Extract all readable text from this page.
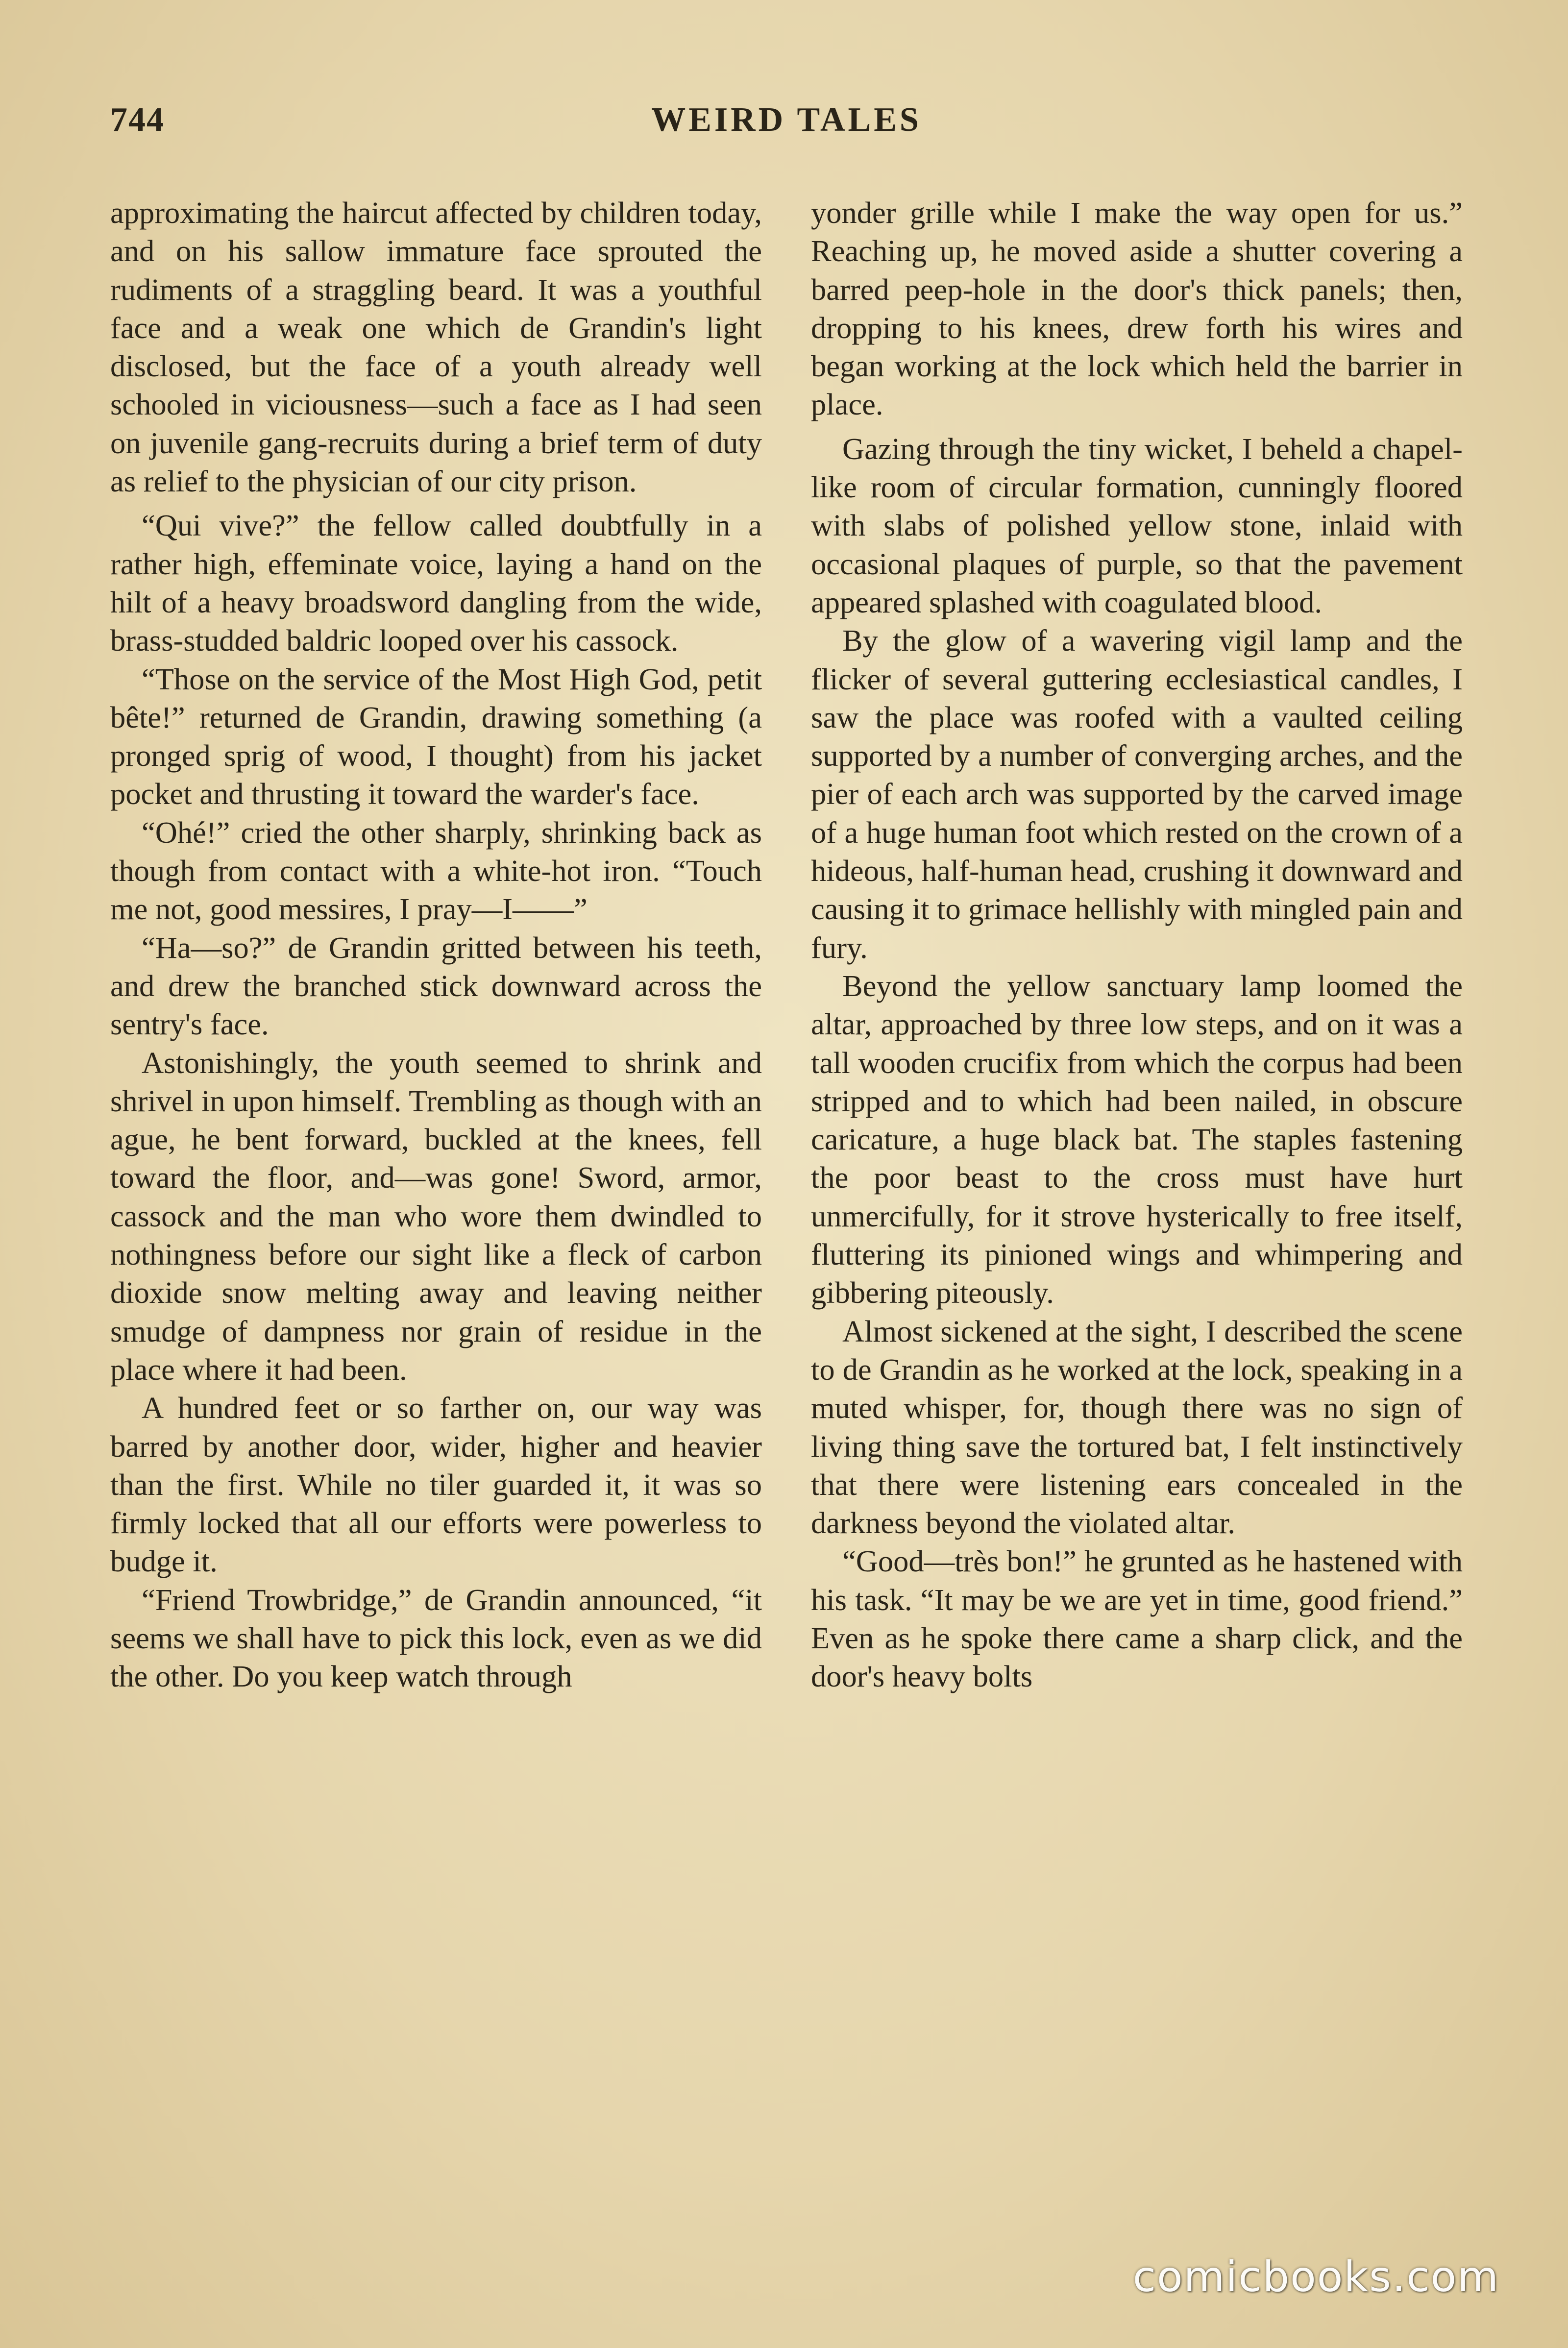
744	WEIRD TALES

approximating the haircut affected by children today, and on his sallow immature face sprouted the rudiments of a straggling beard. It was a youthful face and a weak one which de Grandin's light disclosed, but the face of a youth already well schooled in viciousness—such a face as I had seen on juvenile gang-recruits during a brief term of duty as relief to the physician of our city prison.

“Qui vive?” the fellow called doubtfully in a rather high, effeminate voice, laying a hand on the hilt of a heavy broadsword dangling from the wide, brass-studded baldric looped over his cassock.

“Those on the service of the Most High God, petit bête!” returned de Grandin, drawing something (a pronged sprig of wood, I thought) from his jacket pocket and thrusting it toward the warder's face.

“Ohé!” cried the other sharply, shrinking back as though from contact with a white-hot iron. “Touch me not, good messires, I pray—I——”

“Ha—so?” de Grandin gritted between his teeth, and drew the branched stick downward across the sentry's face.

Astonishingly, the youth seemed to shrink and shrivel in upon himself. Trembling as though with an ague, he bent forward, buckled at the knees, fell toward the floor, and—was gone! Sword, armor, cassock and the man who wore them dwindled to nothingness before our sight like a fleck of carbon dioxide snow melting away and leaving neither smudge of dampness nor grain of residue in the place where it had been.

A hundred feet or so farther on, our way was barred by another door, wider, higher and heavier than the first. While no tiler guarded it, it was so firmly locked that all our efforts were powerless to budge it.

“Friend Trowbridge,” de Grandin announced, “it seems we shall have to pick this lock, even as we did the other. Do you keep watch through

yonder grille while I make the way open for us.” Reaching up, he moved aside a shutter covering a barred peep-hole in the door's thick panels; then, dropping to his knees, drew forth his wires and began working at the lock which held the barrier in place.

Gazing through the tiny wicket, I beheld a chapel-like room of circular formation, cunningly floored with slabs of polished yellow stone, inlaid with occasional plaques of purple, so that the pavement appeared splashed with coagulated blood.

By the glow of a wavering vigil lamp and the flicker of several guttering ecclesiastical candles, I saw the place was roofed with a vaulted ceiling supported by a number of converging arches, and the pier of each arch was supported by the carved image of a huge human foot which rested on the crown of a hideous, half-human head, crushing it downward and causing it to grimace hellishly with mingled pain and fury.

Beyond the yellow sanctuary lamp loomed the altar, approached by three low steps, and on it was a tall wooden crucifix from which the corpus had been stripped and to which had been nailed, in obscure caricature, a huge black bat. The staples fastening the poor beast to the cross must have hurt unmercifully, for it strove hysterically to free itself, fluttering its pinioned wings and whimpering and gibbering piteously.

Almost sickened at the sight, I described the scene to de Grandin as he worked at the lock, speaking in a muted whisper, for, though there was no sign of living thing save the tortured bat, I felt instinctively that there were listening ears concealed in the darkness beyond the violated altar.

“Good—très bon!” he grunted as he hastened with his task. “It may be we are yet in time, good friend.” Even as he spoke there came a sharp click, and the door's heavy bolts

comicbooks.com
